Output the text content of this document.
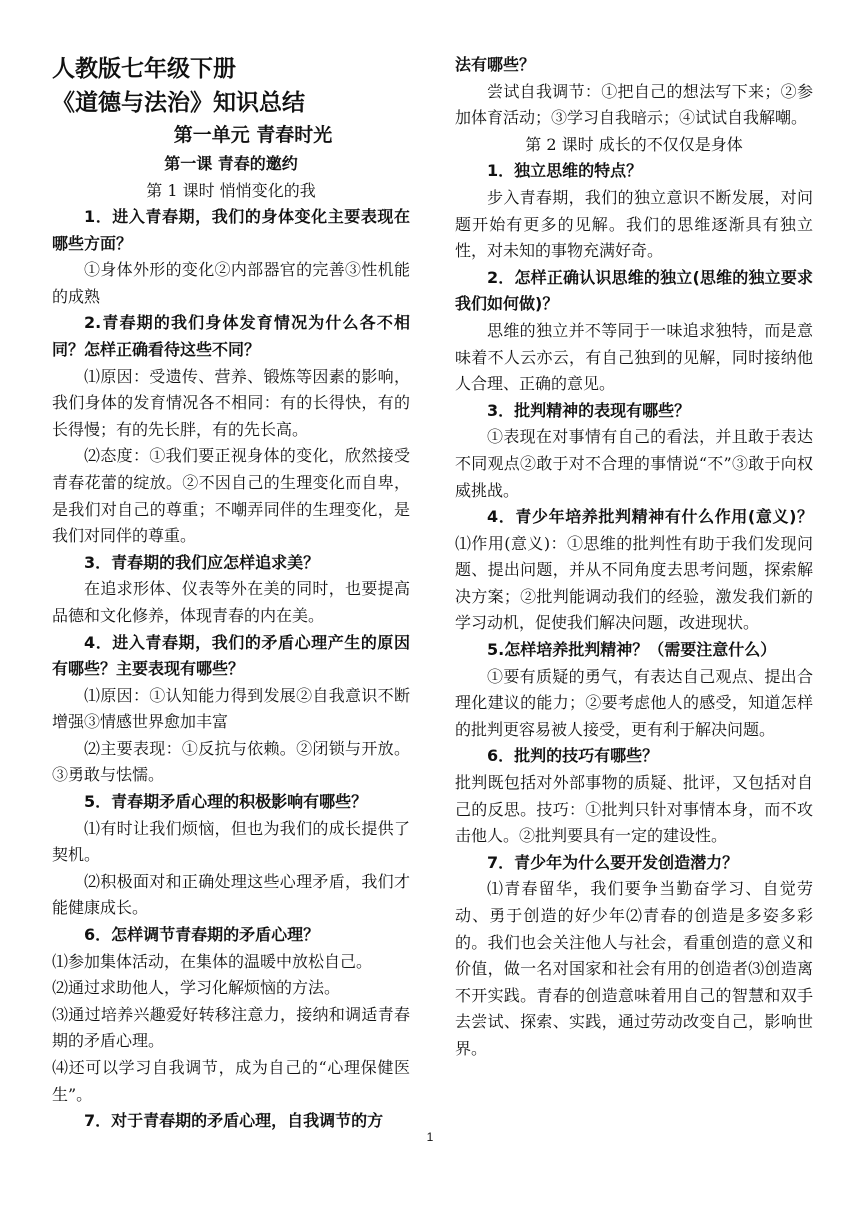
人教版七年级下册

《道德与法治》知识总结

第一单元 青春时光

第一课 青春的邀约

第 1 课时 悄悄变化的我

1．进入青春期，我们的身体变化主要表现在哪些方面？

①身体外形的变化②内部器官的完善③性机能的成熟

2.青春期的我们身体发育情况为什么各不相同？怎样正确看待这些不同？

⑴原因：受遗传、营养、锻炼等因素的影响，我们身体的发育情况各不相同：有的长得快，有的长得慢；有的先长胖，有的先长高。

⑵态度：①我们要正视身体的变化，欣然接受青春花蕾的绽放。②不因自己的生理变化而自卑，是我们对自己的尊重；不嘲弄同伴的生理变化，是我们对同伴的尊重。

3．青春期的我们应怎样追求美？

在追求形体、仪表等外在美的同时，也要提高品德和文化修养，体现青春的内在美。

4．进入青春期，我们的矛盾心理产生的原因有哪些？主要表现有哪些？

⑴原因：①认知能力得到发展②自我意识不断增强③情感世界愈加丰富

⑵主要表现：①反抗与依赖。②闭锁与开放。③勇敢与怯懦。

5．青春期矛盾心理的积极影响有哪些？

⑴有时让我们烦恼，但也为我们的成长提供了契机。

⑵积极面对和正确处理这些心理矛盾，我们才能健康成长。

6．怎样调节青春期的矛盾心理？

⑴参加集体活动，在集体的温暖中放松自己。

⑵通过求助他人，学习化解烦恼的方法。

⑶通过培养兴趣爱好转移注意力，接纳和调适青春期的矛盾心理。

⑷还可以学习自我调节，成为自己的“心理保健医生”。

7．对于青春期的矛盾心理，自我调节的方

法有哪些？

尝试自我调节：①把自己的想法写下来；②参加体育活动；③学习自我暗示；④试试自我解嘲。

第 2 课时 成长的不仅仅是身体

1．独立思维的特点？

步入青春期，我们的独立意识不断发展，对问题开始有更多的见解。我们的思维逐渐具有独立性，对未知的事物充满好奇。

2．怎样正确认识思维的独立(思维的独立要求我们如何做)？

思维的独立并不等同于一味追求独特，而是意味着不人云亦云，有自己独到的见解，同时接纳他人合理、正确的意见。

3．批判精神的表现有哪些？

①表现在对事情有自己的看法，并且敢于表达不同观点②敢于对不合理的事情说“不”③敢于向权威挑战。

4．青少年培养批判精神有什么作用(意义)？⑴作用(意义)：①思维的批判性有助于我们发现问题、提出问题，并从不同角度去思考问题，探索解决方案；②批判能调动我们的经验，激发我们新的学习动机，促使我们解决问题，改进现状。

5.怎样培养批判精神？（需要注意什么）

①要有质疑的勇气，有表达自己观点、提出合理化建议的能力；②要考虑他人的感受，知道怎样的批判更容易被人接受，更有利于解决问题。

6．批判的技巧有哪些？

批判既包括对外部事物的质疑、批评，又包括对自己的反思。技巧：①批判只针对事情本身，而不攻击他人。②批判要具有一定的建设性。

7．青少年为什么要开发创造潜力？

⑴青春留华，我们要争当勤奋学习、自觉劳动、勇于创造的好少年⑵青春的创造是多姿多彩的。我们也会关注他人与社会，看重创造的意义和价值，做一名对国家和社会有用的创造者⑶创造离不开实践。青春的创造意味着用自己的智慧和双手去尝试、探索、实践，通过劳动改变自己，影响世界。

1
